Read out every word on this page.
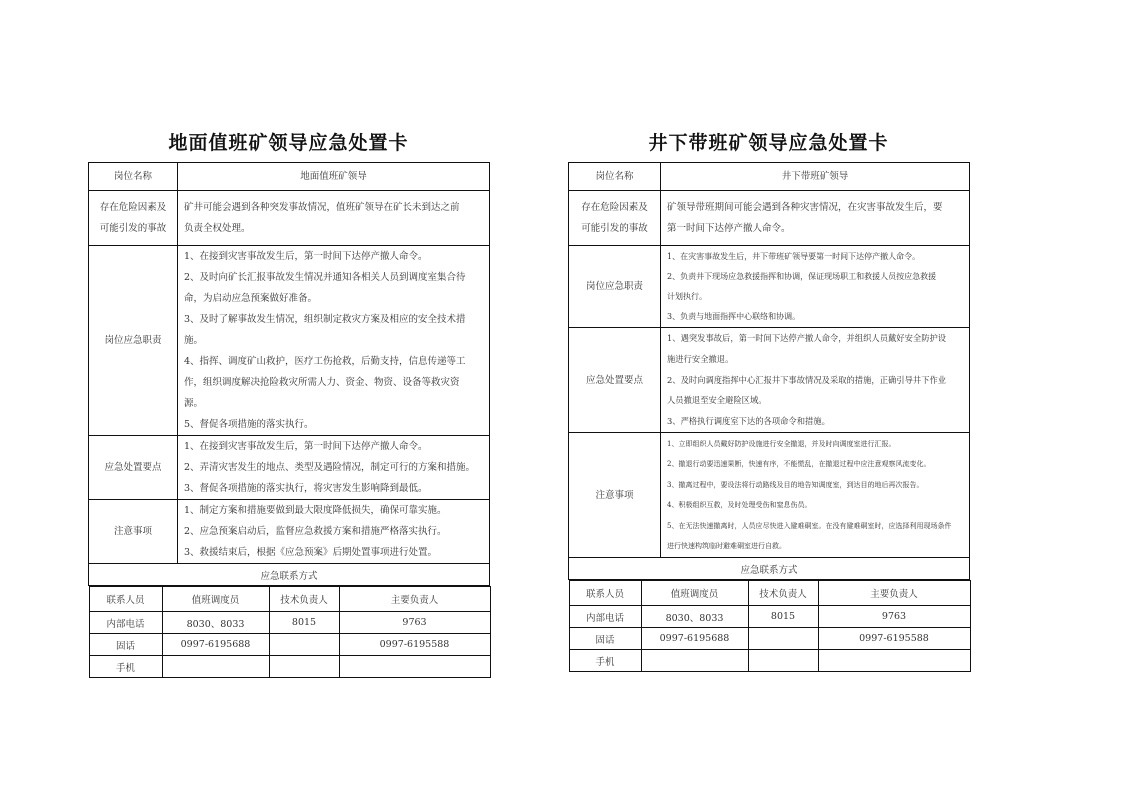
地面值班矿领导应急处置卡
岗位名称	地面值班矿领导

存在危险因素及
可能引发的事故

矿井可能会遇到各种突发事故情况，值班矿领导在矿长未到达之前
负责全权处理。

岗位应急职责	
1、在接到灾害事故发生后，第一时间下达停产撤人命令。
2、及时向矿长汇报事故发生情况并通知各相关人员到调度室集合待
命，为启动应急预案做好准备。
3、及时了解事故发生情况，组织制定救灾方案及相应的安全技术措
施。
4、指挥、调度矿山救护，医疗工伤抢救，后勤支持，信息传递等工
作，组织调度解决抢险救灾所需人力、资金、物资、设备等救灾资
源。
5、督促各项措施的落实执行。

应急处置要点	
1、在接到灾害事故发生后，第一时间下达停产撤人命令。
2、弄清灾害发生的地点、类型及遇险情况，制定可行的方案和措施。
3、督促各项措施的落实执行，将灾害发生影响降到最低。

注意事项	
1、制定方案和措施要做到最大限度降低损失，确保可靠实施。
2、应急预案启动后，监督应急救援方案和措施严格落实执行。
3、救援结束后，根据《应急预案》后期处置事项进行处置。

应急联系方式

联系人员	值班调度员	技术负责人	主要负责人
内部电话	8030、8033	8015	9763
固话	0997-6195688		0997-6195588
手机			
井下带班矿领导应急处置卡
岗位名称	井下带班矿领导

存在危险因素及
可能引发的事故

矿领导带班期间可能会遇到各种灾害情况，在灾害事故发生后，要
第一时间下达停产撤人命令。

岗位应急职责	
1、在灾害事故发生后，井下带班矿领导要第一时间下达停产撤人命令。
2、负责井下现场应急救援指挥和协调，保证现场职工和救援人员按应急救援
计划执行。
3、负责与地面指挥中心联络和协调。

应急处置要点	
1、遇突发事故后，第一时间下达停产撤人命令，并组织人员戴好安全防护设
施进行安全撤退。
2、及时向调度指挥中心汇报井下事故情况及采取的措施，正确引导井下作业
人员撤退至安全避险区域。
3、严格执行调度室下达的各项命令和措施。

注意事项	
1、立即组织人员戴好防护设施进行安全撤退，并及时向调度室进行汇报。
2、撤退行动要迅速果断，快速有序，不能慌乱，在撤退过程中应注意观察风流变化。
3、撤离过程中，要设法将行动路线及目的地告知调度室，到达目的地后再次报告。
4、积极组织互救，及时处理受伤和窒息伤员。
5、在无法快速撤离时，人员应尽快进入避难硐室。在没有避难硐室时，应选择利用现场条件
进行快速构筑临时避难硐室进行自救。

应急联系方式

联系人员	值班调度员	技术负责人	主要负责人
内部电话	8030、8033	8015	9763
固话	0997-6195688		0997-6195588
手机			
